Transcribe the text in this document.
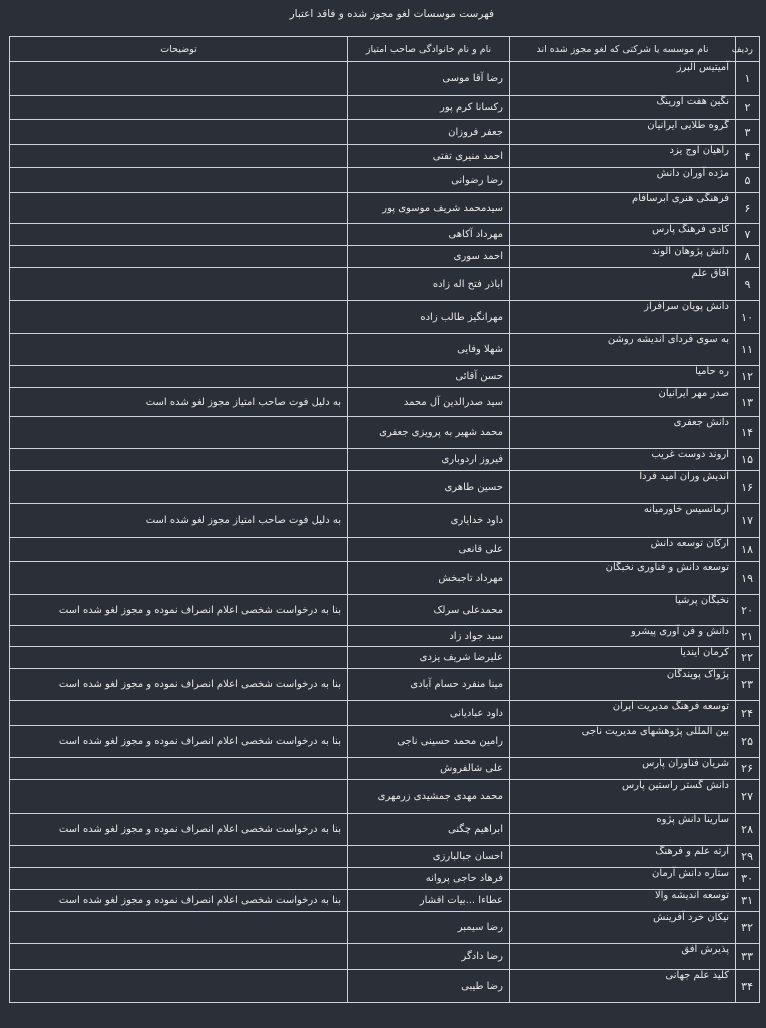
فهرست موسسات لغو مجوز شده و فاقد اعتبار
ردیف	نام موسسه یا شرکتی که لغو مجوز شده اند	نام و نام خانوادگی صاحب امتیاز	توضیحات
۱	آمیتیس البرز	رضا آقا موسی	
۲	نگین هفت اورینگ	رکسانا کرم پور	
۳	گروه طلایی ایرانیان	جعفر فروزان	
۴	راهیان اوج یزد	احمد منیری تفتی	
۵	مژده آوران دانش	رضا رضوانی	
۶	فرهنگی هنری ابرسافام	سیدمحمد شریف موسوی پور	
۷	کادی فرهنگ پارس	مهرداد آکاهی	
۸	دانش پژوهان الوند	احمد سوری	
۹	آفاق علم	اباذر فتح اله زاده	
۱۰	دانش پویان سرافراز	مهرانگیز طالب زاده	
۱۱	به سوی فردای اندیشه روشن	شهلا وفایی	
۱۲	ره حامیا	حسن آقائی	
۱۳	صدر مهر ایرانیان	سید صدرالدین آل محمد	به دلیل فوت صاحب امتیاز مجوز لغو شده است
۱۴	دانش جعفری	محمد شهیر به پرویزی جعفری	
۱۵	اروند دوست غریب	فیروز اردوباری	
۱۶	اندیش وران امید فردا	حسین طاهری	
۱۷	آرمانسیس خاورمیانه	داود خدایاری	به دلیل فوت صاحب امتیاز مجوز لغو شده است
۱۸	ارکان توسعه دانش	علی قانعی	
۱۹	توسعه دانش و فناوری نخبگان	مهرداد تاجبخش	
۲۰	نخبگان پرشیا	محمدعلی سرلک	بنا به درخواست شخصی اعلام انصراف نموده و مجوز لغو شده است
۲۱	دانش و فن آوری پیشرو	سید جواد زاد	
۲۲	کرمان ایندیا	علیرضا شریف یزدی	
۲۳	پژواک پویندگان	مینا منفرد حسام آبادی	بنا به درخواست شخصی اعلام انصراف نموده و مجوز لغو شده است
۲۴	توسعه فرهنگ مدیریت ایران	داود عبادیانی	
۲۵	بین المللی پژوهشهای مدیریت ناجی	رامین محمد حسینی ناجی	بنا به درخواست شخصی اعلام انصراف نموده و مجوز لغو شده است
۲۶	شریان فناوران پارس	علی شالفروش	
۲۷	دانش گستر راستین پارس	محمد مهدی جمشیدی زرمهری	
۲۸	سارینا دانش پژوه	ابراهیم چگنی	بنا به درخواست شخصی اعلام انصراف نموده و مجوز لغو شده است
۲۹	آرته علم و فرهنگ	احسان جبالبارزی	
۳۰	ستاره دانش آرمان	فرهاد حاجی پروانه	
۳۱	توسعه اندیشه والا	عطاءا ...بیات افشار	بنا به درخواست شخصی اعلام انصراف نموده و مجوز لغو شده است
۳۲	نیکان خرد آفرینش	رضا سیمبر	
۳۳	پذیرش افق	رضا دادگر	
۳۴	کلید علم جهانی	رضا طیبی	
